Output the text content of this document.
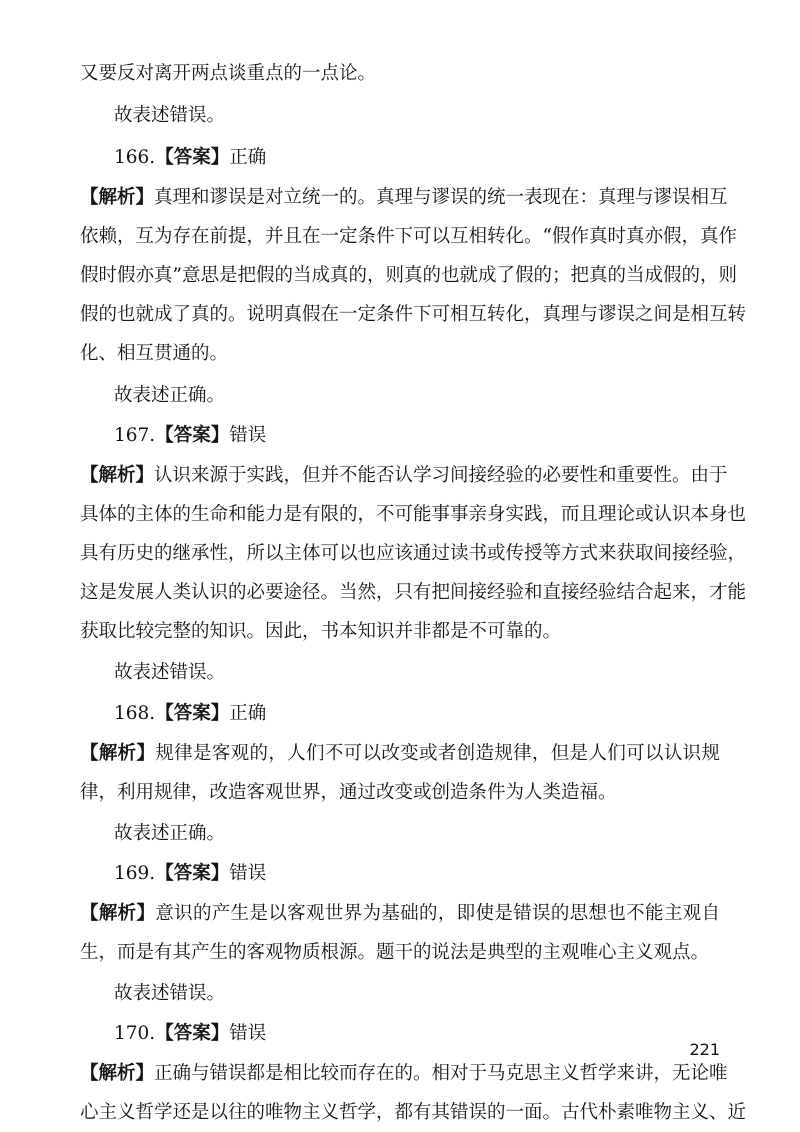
又要反对离开两点谈重点的一点论。
故表述错误。
166.【答案】正确
【解析】真理和谬误是对立统一的。真理与谬误的统一表现在：真理与谬误相互
依赖，互为存在前提，并且在一定条件下可以互相转化。“假作真时真亦假，真作
假时假亦真”意思是把假的当成真的，则真的也就成了假的；把真的当成假的，则
假的也就成了真的。说明真假在一定条件下可相互转化，真理与谬误之间是相互转
化、相互贯通的。
故表述正确。
167.【答案】错误
【解析】认识来源于实践，但并不能否认学习间接经验的必要性和重要性。由于
具体的主体的生命和能力是有限的，不可能事事亲身实践，而且理论或认识本身也
具有历史的继承性，所以主体可以也应该通过读书或传授等方式来获取间接经验，
这是发展人类认识的必要途径。当然，只有把间接经验和直接经验结合起来，才能
获取比较完整的知识。因此，书本知识并非都是不可靠的。
故表述错误。
168.【答案】正确
【解析】规律是客观的，人们不可以改变或者创造规律，但是人们可以认识规
律，利用规律，改造客观世界，通过改变或创造条件为人类造福。
故表述正确。
169.【答案】错误
【解析】意识的产生是以客观世界为基础的，即使是错误的思想也不能主观自
生，而是有其产生的客观物质根源。题干的说法是典型的主观唯心主义观点。
故表述错误。
170.【答案】错误
【解析】正确与错误都是相比较而存在的。相对于马克思主义哲学来讲，无论唯
心主义哲学还是以往的唯物主义哲学，都有其错误的一面。古代朴素唯物主义、近
221
